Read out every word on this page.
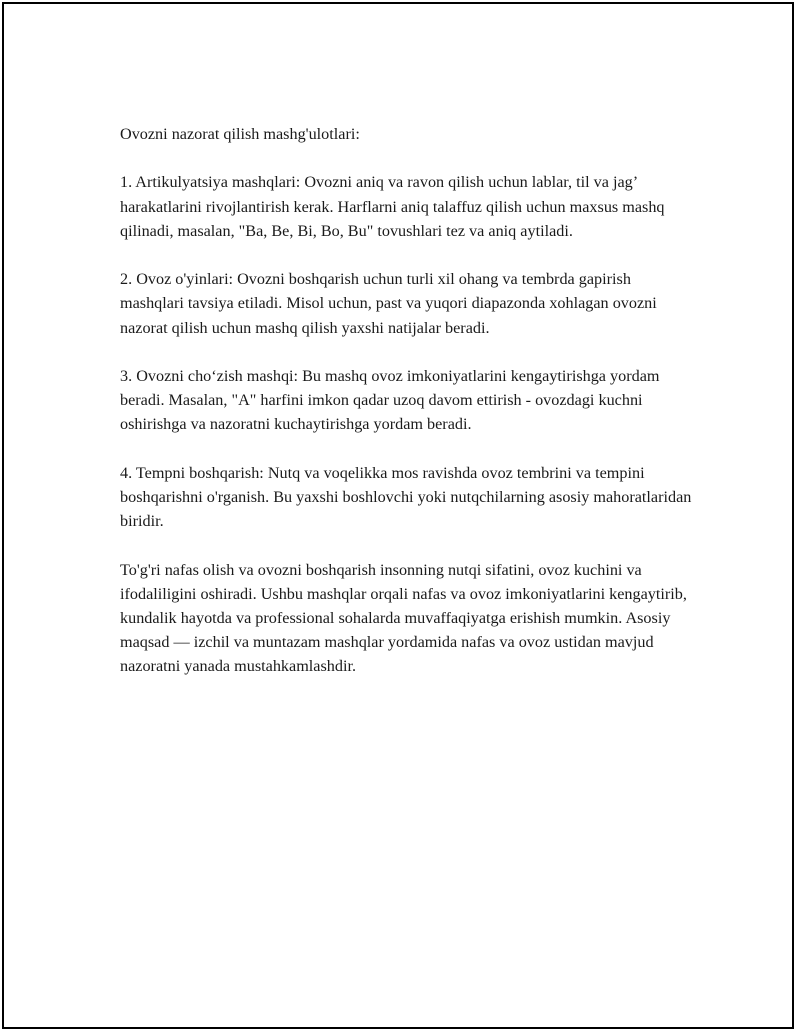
Ovozni nazorat qilish mashg'ulotlari:

1. Artikulyatsiya mashqlari: Ovozni aniq va ravon qilish uchun lablar, til va jag’ harakatlarini rivojlantirish kerak. Harflarni aniq talaffuz qilish uchun maxsus mashq qilinadi, masalan, "Ba, Be, Bi, Bo, Bu" tovushlari tez va aniq aytiladi.

2. Ovoz o'yinlari: Ovozni boshqarish uchun turli xil ohang va tembrda gapirish mashqlari tavsiya etiladi. Misol uchun, past va yuqori diapazonda xohlagan ovozni nazorat qilish uchun mashq qilish yaxshi natijalar beradi.

3. Ovozni cho‘zish mashqi: Bu mashq ovoz imkoniyatlarini kengaytirishga yordam beradi. Masalan, "A" harfini imkon qadar uzoq davom ettirish - ovozdagi kuchni oshirishga va nazoratni kuchaytirishga yordam beradi.

4. Tempni boshqarish: Nutq va voqelikka mos ravishda ovoz tembrini va tempini boshqarishni o'rganish. Bu yaxshi boshlovchi yoki nutqchilarning asosiy mahoratlaridan biridir.

To'g'ri nafas olish va ovozni boshqarish insonning nutqi sifatini, ovoz kuchini va ifodaliligini oshiradi. Ushbu mashqlar orqali nafas va ovoz imkoniyatlarini kengaytirib, kundalik hayotda va professional sohalarda muvaffaqiyatga erishish mumkin. Asosiy maqsad — izchil va muntazam mashqlar yordamida nafas va ovoz ustidan mavjud nazoratni yanada mustahkamlashdir.
